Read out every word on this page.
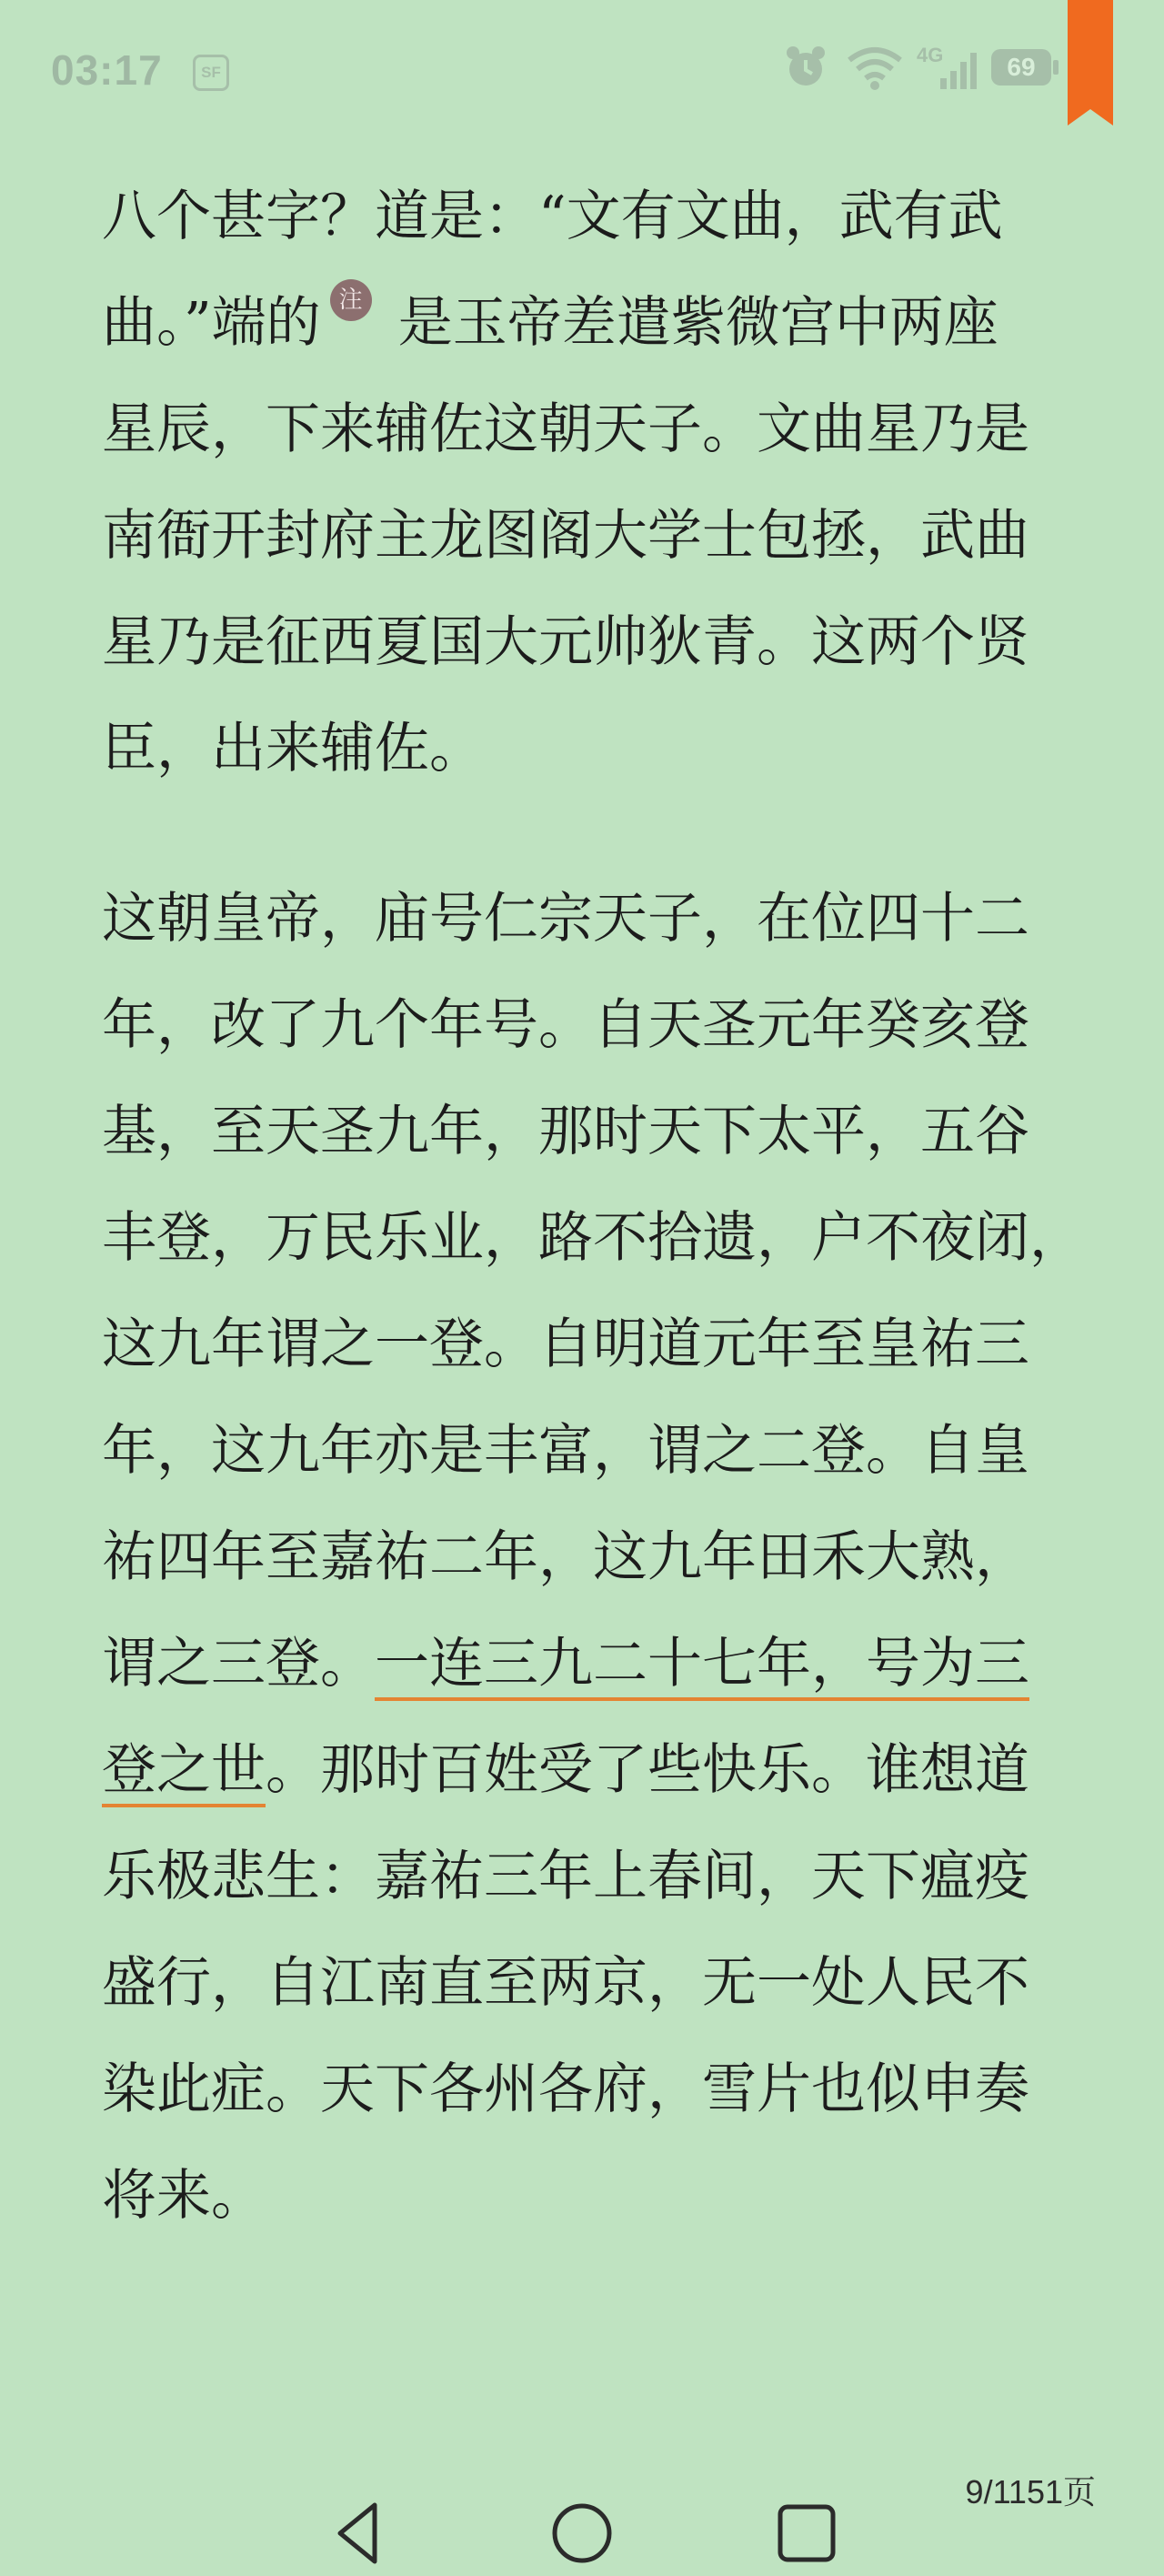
03:17	SF
4G	69
八个甚字？道是：“文有文曲，武有武
曲。”端的 注 是玉帝差遣紫微宫中两座
星辰，下来辅佐这朝天子。文曲星乃是
南衙开封府主龙图阁大学士包拯，武曲
星乃是征西夏国大元帅狄青。这两个贤
臣，出来辅佐。
这朝皇帝，庙号仁宗天子，在位四十二
年，改了九个年号。自天圣元年癸亥登
基，至天圣九年，那时天下太平，五谷
丰登，万民乐业，路不拾遗，户不夜闭，
这九年谓之一登。自明道元年至皇祐三
年，这九年亦是丰富，谓之二登。自皇
祐四年至嘉祐二年，这九年田禾大熟，
谓之三登。一连三九二十七年，号为三
登之世。那时百姓受了些快乐。谁想道
乐极悲生：嘉祐三年上春间，天下瘟疫
盛行，自江南直至两京，无一处人民不
染此症。天下各州各府，雪片也似申奏
将来。
9/1151页
